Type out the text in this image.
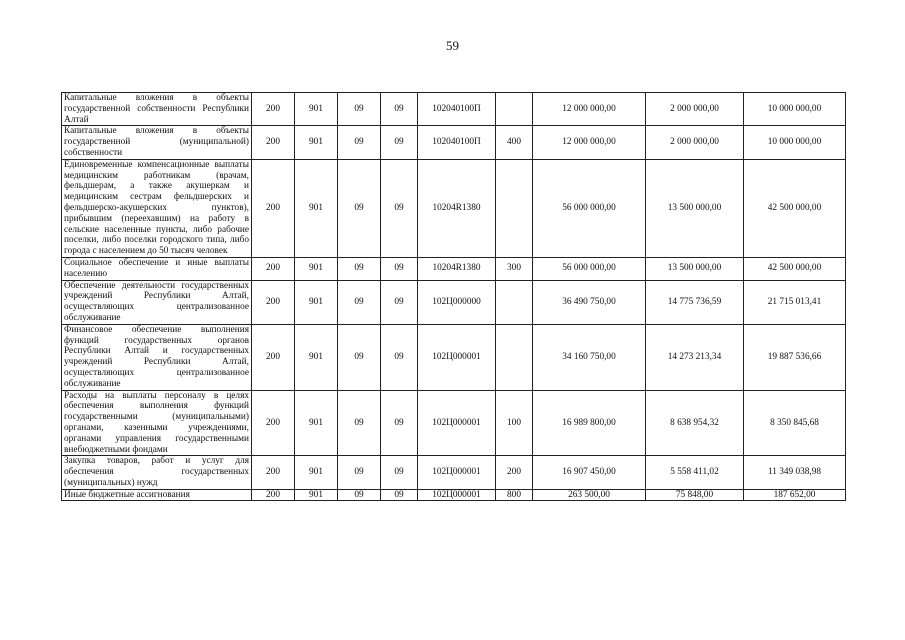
59
Капитальные вложения в объекты государственной собственности Республики Алтай	200	901	09	09	102040100П		12 000 000,00	2 000 000,00	10 000 000,00
Капитальные вложения в объекты государственной (муниципальной) собственности	200	901	09	09	102040100П	400	12 000 000,00	2 000 000,00	10 000 000,00
Единовременные компенсационные выплаты медицинским работникам (врачам, фельдшерам, а также акушеркам и медицинским сестрам фельдшерских и фельдшерско-акушерских пунктов), прибывшим (переехавшим) на работу в сельские населенные пункты, либо рабочие поселки, либо поселки городского типа, либо города с населением до 50 тысяч человек	200	901	09	09	10204R1380		56 000 000,00	13 500 000,00	42 500 000,00
Социальное обеспечение и иные выплаты населению	200	901	09	09	10204R1380	300	56 000 000,00	13 500 000,00	42 500 000,00
Обеспечение деятельности государственных учреждений Республики Алтай, осуществляющих централизованное обслуживание	200	901	09	09	102Ц000000		36 490 750,00	14 775 736,59	21 715 013,41
Финансовое обеспечение выполнения функций государственных органов Республики Алтай и государственных учреждений Республики Алтай, осуществляющих централизованное обслуживание	200	901	09	09	102Ц000001		34 160 750,00	14 273 213,34	19 887 536,66
Расходы на выплаты персоналу в целях обеспечения выполнения функций государственными (муниципальными) органами, казенными учреждениями, органами управления государственными внебюджетными фондами	200	901	09	09	102Ц000001	100	16 989 800,00	8 638 954,32	8 350 845,68
Закупка товаров, работ и услуг для обеспечения государственных (муниципальных) нужд	200	901	09	09	102Ц000001	200	16 907 450,00	5 558 411,02	11 349 038,98
Иные бюджетные ассигнования	200	901	09	09	102Ц000001	800	263 500,00	75 848,00	187 652,00
